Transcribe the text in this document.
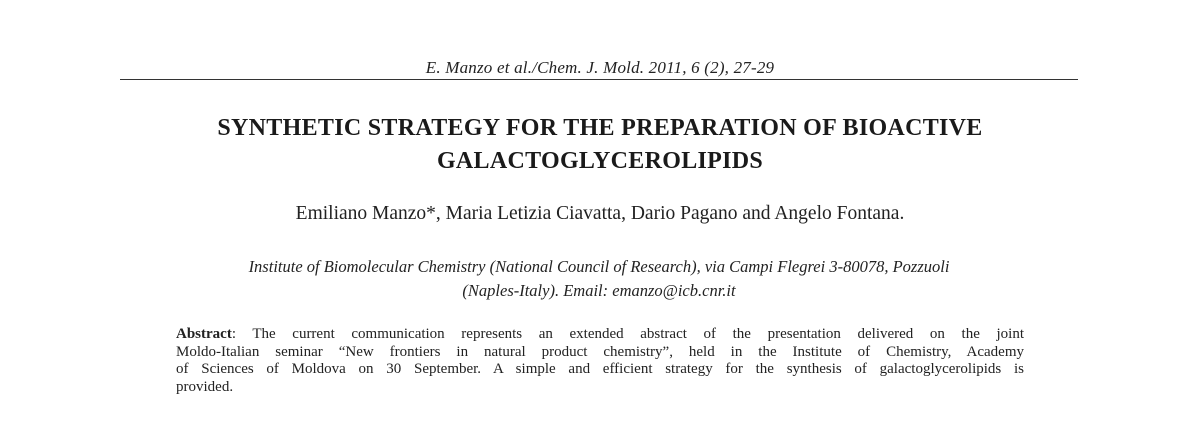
E. Manzo et al./Chem. J. Mold. 2011, 6 (2), 27-29
SYNTHETIC STRATEGY FOR THE PREPARATION OF BIOACTIVE
GALACTOGLYCEROLIPIDS
Emiliano Manzo*, Maria Letizia Ciavatta, Dario Pagano and Angelo Fontana.
Institute of Biomolecular Chemistry (National Council of Research), via Campi Flegrei 3-80078, Pozzuoli
(Naples-Italy). Email: emanzo@icb.cnr.it
Abstract: The current communication represents an extended abstract of the presentation delivered on the joint
Moldo-Italian seminar “New frontiers in natural product chemistry”, held in the Institute of Chemistry, Academy
of Sciences of Moldova on 30 September. A simple and efficient strategy for the synthesis of galactoglycerolipids is
provided.
